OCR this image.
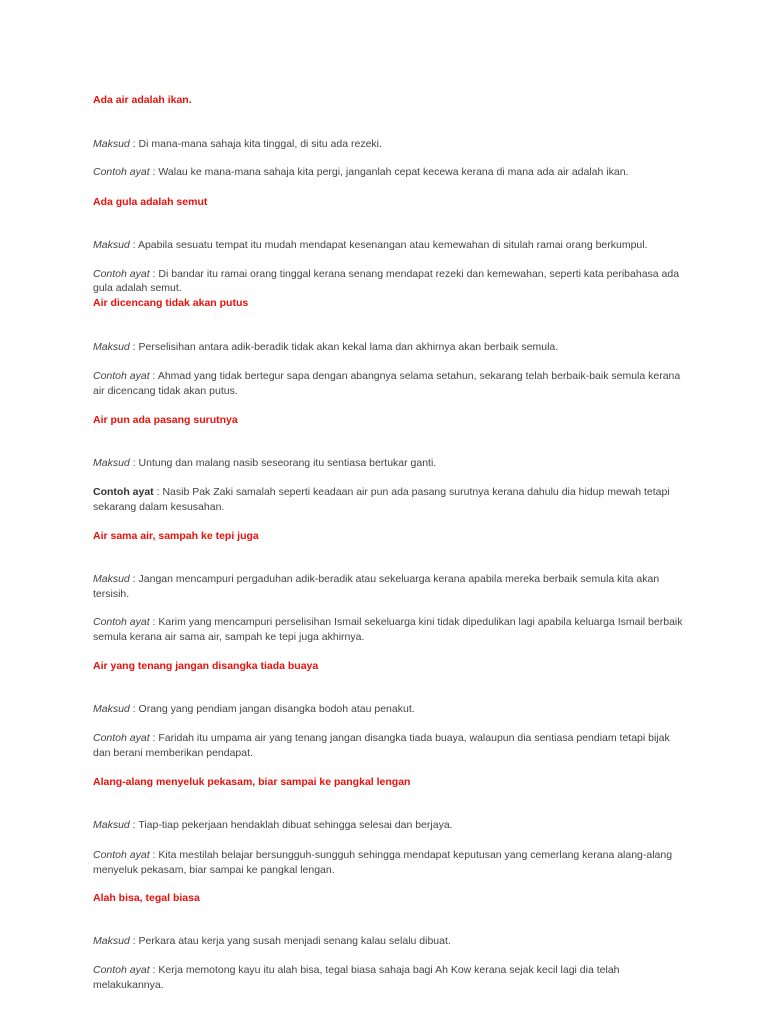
Ada air adalah ikan.

Maksud : Di mana-mana sahaja kita tinggal, di situ ada rezeki.

Contoh ayat : Walau ke mana-mana sahaja kita pergi, janganlah cepat kecewa kerana di mana ada air adalah ikan.

Ada gula adalah semut

Maksud : Apabila sesuatu tempat itu mudah mendapat kesenangan atau kemewahan di situlah ramai orang berkumpul.

Contoh ayat : Di bandar itu ramai orang tinggal kerana senang mendapat rezeki dan kemewahan, seperti kata peribahasa ada

gula adalah semut.

Air dicencang tidak akan putus

Maksud : Perselisihan antara adik-beradik tidak akan kekal lama dan akhirnya akan berbaik semula.

Contoh ayat : Ahmad yang tidak bertegur sapa dengan abangnya selama setahun, sekarang telah berbaik-baik semula kerana

air dicencang tidak akan putus.

Air pun ada pasang surutnya

Maksud : Untung dan malang nasib seseorang itu sentiasa bertukar ganti.

Contoh ayat : Nasib Pak Zaki samalah seperti keadaan air pun ada pasang surutnya kerana dahulu dia hidup mewah tetapi

sekarang dalam kesusahan.

Air sama air, sampah ke tepi juga

Maksud : Jangan mencampuri pergaduhan adik-beradik atau sekeluarga kerana apabila mereka berbaik semula kita akan

tersisih.

Contoh ayat : Karim yang mencampuri perselisihan Ismail sekeluarga kini tidak dipedulikan lagi apabila keluarga Ismail berbaik

semula kerana air sama air, sampah ke tepi juga akhirnya.

Air yang tenang jangan disangka tiada buaya

Maksud : Orang yang pendiam jangan disangka bodoh atau penakut.

Contoh ayat : Faridah itu umpama air yang tenang jangan disangka tiada buaya, walaupun dia sentiasa pendiam tetapi bijak

dan berani memberikan pendapat.

Alang-alang menyeluk pekasam, biar sampai ke pangkal lengan

Maksud : Tiap-tiap pekerjaan hendaklah dibuat sehingga selesai dan berjaya.

Contoh ayat : Kita mestilah belajar bersungguh-sungguh sehingga mendapat keputusan yang cemerlang kerana alang-alang

menyeluk pekasam, biar sampai ke pangkal lengan.

Alah bisa, tegal biasa

Maksud : Perkara atau kerja yang susah menjadi senang kalau selalu dibuat.

Contoh ayat : Kerja memotong kayu itu alah bisa, tegal biasa sahaja bagi Ah Kow kerana sejak kecil lagi dia telah

melakukannya.
